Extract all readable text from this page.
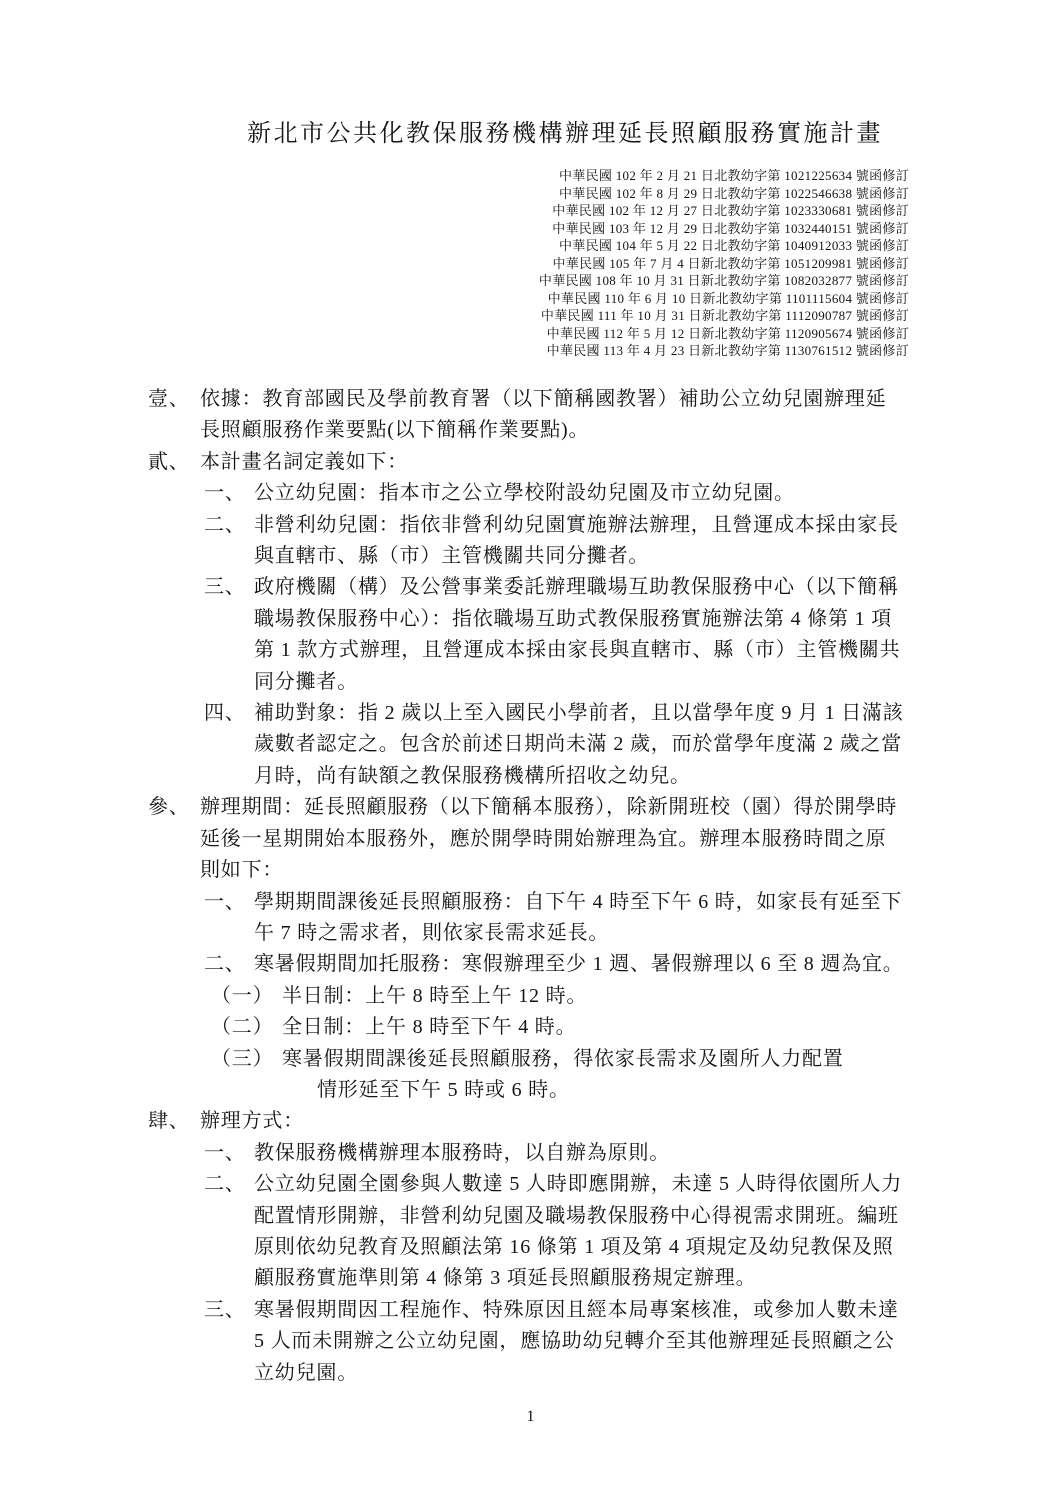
新北市公共化教保服務機構辦理延長照顧服務實施計畫
中華民國 102 年 2 月 21 日北教幼字第 1021225634 號函修訂
中華民國 102 年 8 月 29 日北教幼字第 1022546638 號函修訂
中華民國 102 年 12 月 27 日北教幼字第 1023330681 號函修訂
中華民國 103 年 12 月 29 日北教幼字第 1032440151 號函修訂
中華民國 104 年 5 月 22 日北教幼字第 1040912033 號函修訂
中華民國 105 年 7 月 4 日新北教幼字第 1051209981 號函修訂
中華民國 108 年 10 月 31 日新北教幼字第 1082032877 號函修訂
中華民國 110 年 6 月 10 日新北教幼字第 1101115604 號函修訂
中華民國 111 年 10 月 31 日新北教幼字第 1112090787 號函修訂
中華民國 112 年 5 月 12 日新北教幼字第 1120905674 號函修訂
中華民國 113 年 4 月 23 日新北教幼字第 1130761512 號函修訂
壹、 依據：教育部國民及學前教育署（以下簡稱國教署）補助公立幼兒園辦理延
長照顧服務作業要點(以下簡稱作業要點)。
貳、 本計畫名詞定義如下：
一、 公立幼兒園：指本市之公立學校附設幼兒園及市立幼兒園。
二、 非營利幼兒園：指依非營利幼兒園實施辦法辦理，且營運成本採由家長
與直轄市、縣（市）主管機關共同分攤者。
三、 政府機關（構）及公營事業委託辦理職場互助教保服務中心（以下簡稱
職場教保服務中心）：指依職場互助式教保服務實施辦法第 4 條第 1 項
第 1 款方式辦理，且營運成本採由家長與直轄市、縣（市）主管機關共
同分攤者。
四、 補助對象：指 2 歲以上至入國民小學前者，且以當學年度 9 月 1 日滿該
歲數者認定之。包含於前述日期尚未滿 2 歲，而於當學年度滿 2 歲之當
月時，尚有缺額之教保服務機構所招收之幼兒。
參、 辦理期間：延長照顧服務（以下簡稱本服務），除新開班校（園）得於開學時
延後一星期開始本服務外，應於開學時開始辦理為宜。辦理本服務時間之原
則如下：
一、 學期期間課後延長照顧服務：自下午 4 時至下午 6 時，如家長有延至下
午 7 時之需求者，則依家長需求延長。
二、 寒暑假期間加托服務：寒假辦理至少 1 週、暑假辦理以 6 至 8 週為宜。
（一） 半日制：上午 8 時至上午 12 時。
（二） 全日制：上午 8 時至下午 4 時。
（三） 寒暑假期間課後延長照顧服務，得依家長需求及園所人力配置
情形延至下午 5 時或 6 時。
肆、 辦理方式：
一、 教保服務機構辦理本服務時，以自辦為原則。
二、 公立幼兒園全園參與人數達 5 人時即應開辦，未達 5 人時得依園所人力
配置情形開辦，非營利幼兒園及職場教保服務中心得視需求開班。編班
原則依幼兒教育及照顧法第 16 條第 1 項及第 4 項規定及幼兒教保及照
顧服務實施準則第 4 條第 3 項延長照顧服務規定辦理。
三、 寒暑假期間因工程施作、特殊原因且經本局專案核准，或參加人數未達
5 人而未開辦之公立幼兒園，應協助幼兒轉介至其他辦理延長照顧之公
立幼兒園。
1
